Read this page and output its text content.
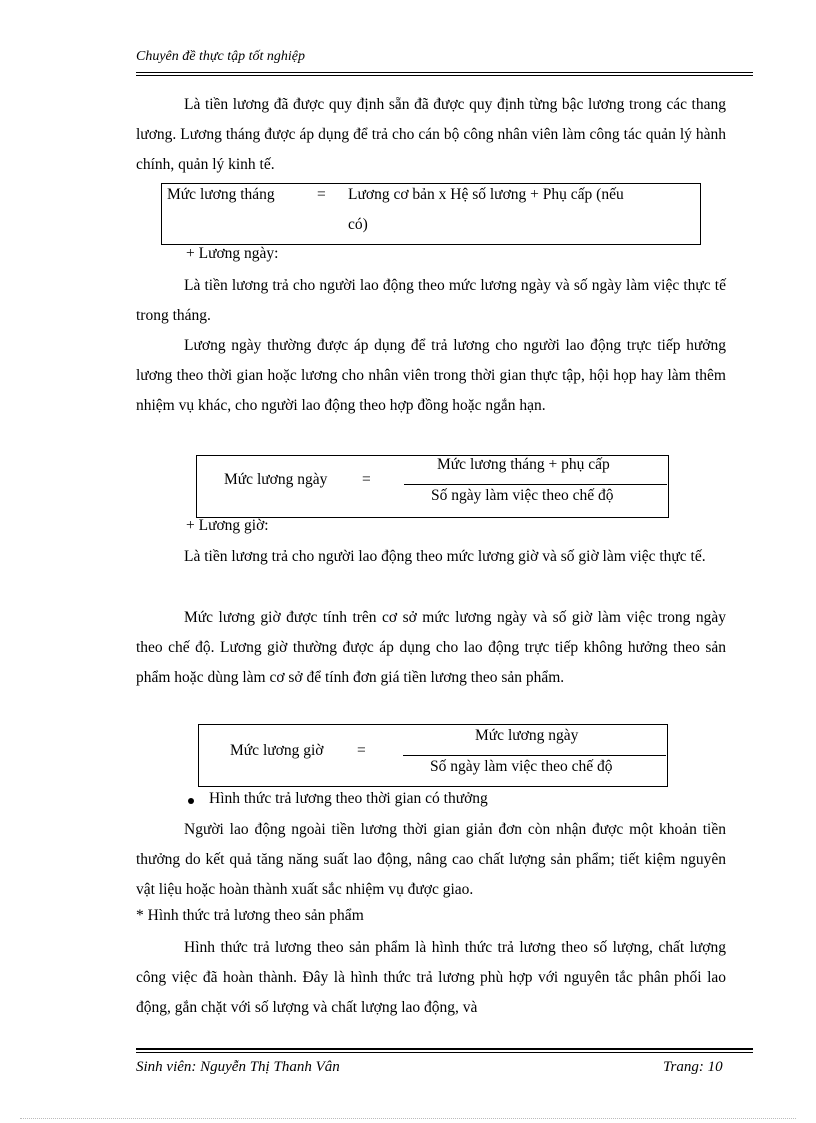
Chuyên đề thực tập tốt nghiệp
Là tiền lương đã được quy định sẵn đã được quy định từng bậc lương trong các thang lương. Lương tháng được áp dụng để trả cho cán bộ công nhân viên làm công tác quản lý hành chính, quản lý kinh tế.
Mức lương tháng	= Lương cơ bản x Hệ số lương + Phụ cấp (nếu
có)
+ Lương ngày:
Là tiền lương trả cho người lao động theo mức lương ngày và số ngày làm việc thực tế trong tháng.
Lương ngày thường được áp dụng để trả lương cho người lao động trực tiếp hưởng lương theo thời gian hoặc lương cho nhân viên trong thời gian thực tập, hội họp hay làm thêm nhiệm vụ khác, cho người lao động theo hợp đồng hoặc ngắn hạn.
Mức lương ngày =
Mức lương tháng + phụ cấp
Số ngày làm việc theo chế độ
+ Lương giờ:
Là tiền lương trả cho người lao động theo mức lương giờ và số giờ làm việc thực tế.
Mức lương giờ được tính trên cơ sở mức lương ngày và số giờ làm việc trong ngày theo chế độ. Lương giờ thường được áp dụng cho lao động trực tiếp không hưởng theo sản phẩm hoặc dùng làm cơ sở để tính đơn giá tiền lương theo sản phẩm.
Mức lương giờ =
Mức lương ngày
Số ngày làm việc theo chế độ
Hình thức trả lương theo thời gian có thưởng
Người lao động ngoài tiền lương thời gian giản đơn còn nhận được một khoản tiền thưởng do kết quả tăng năng suất lao động, nâng cao chất lượng sản phẩm; tiết kiệm nguyên vật liệu hoặc hoàn thành xuất sắc nhiệm vụ được giao.
* Hình thức trả lương theo sản phẩm
Hình thức trả lương theo sản phẩm là hình thức trả lương theo số lượng, chất lượng công việc đã hoàn thành. Đây là hình thức trả lương phù hợp với nguyên tắc phân phối lao động, gắn chặt với số lượng và chất lượng lao động, và
Sinh viên: Nguyễn Thị Thanh Vân	Trang: 10
